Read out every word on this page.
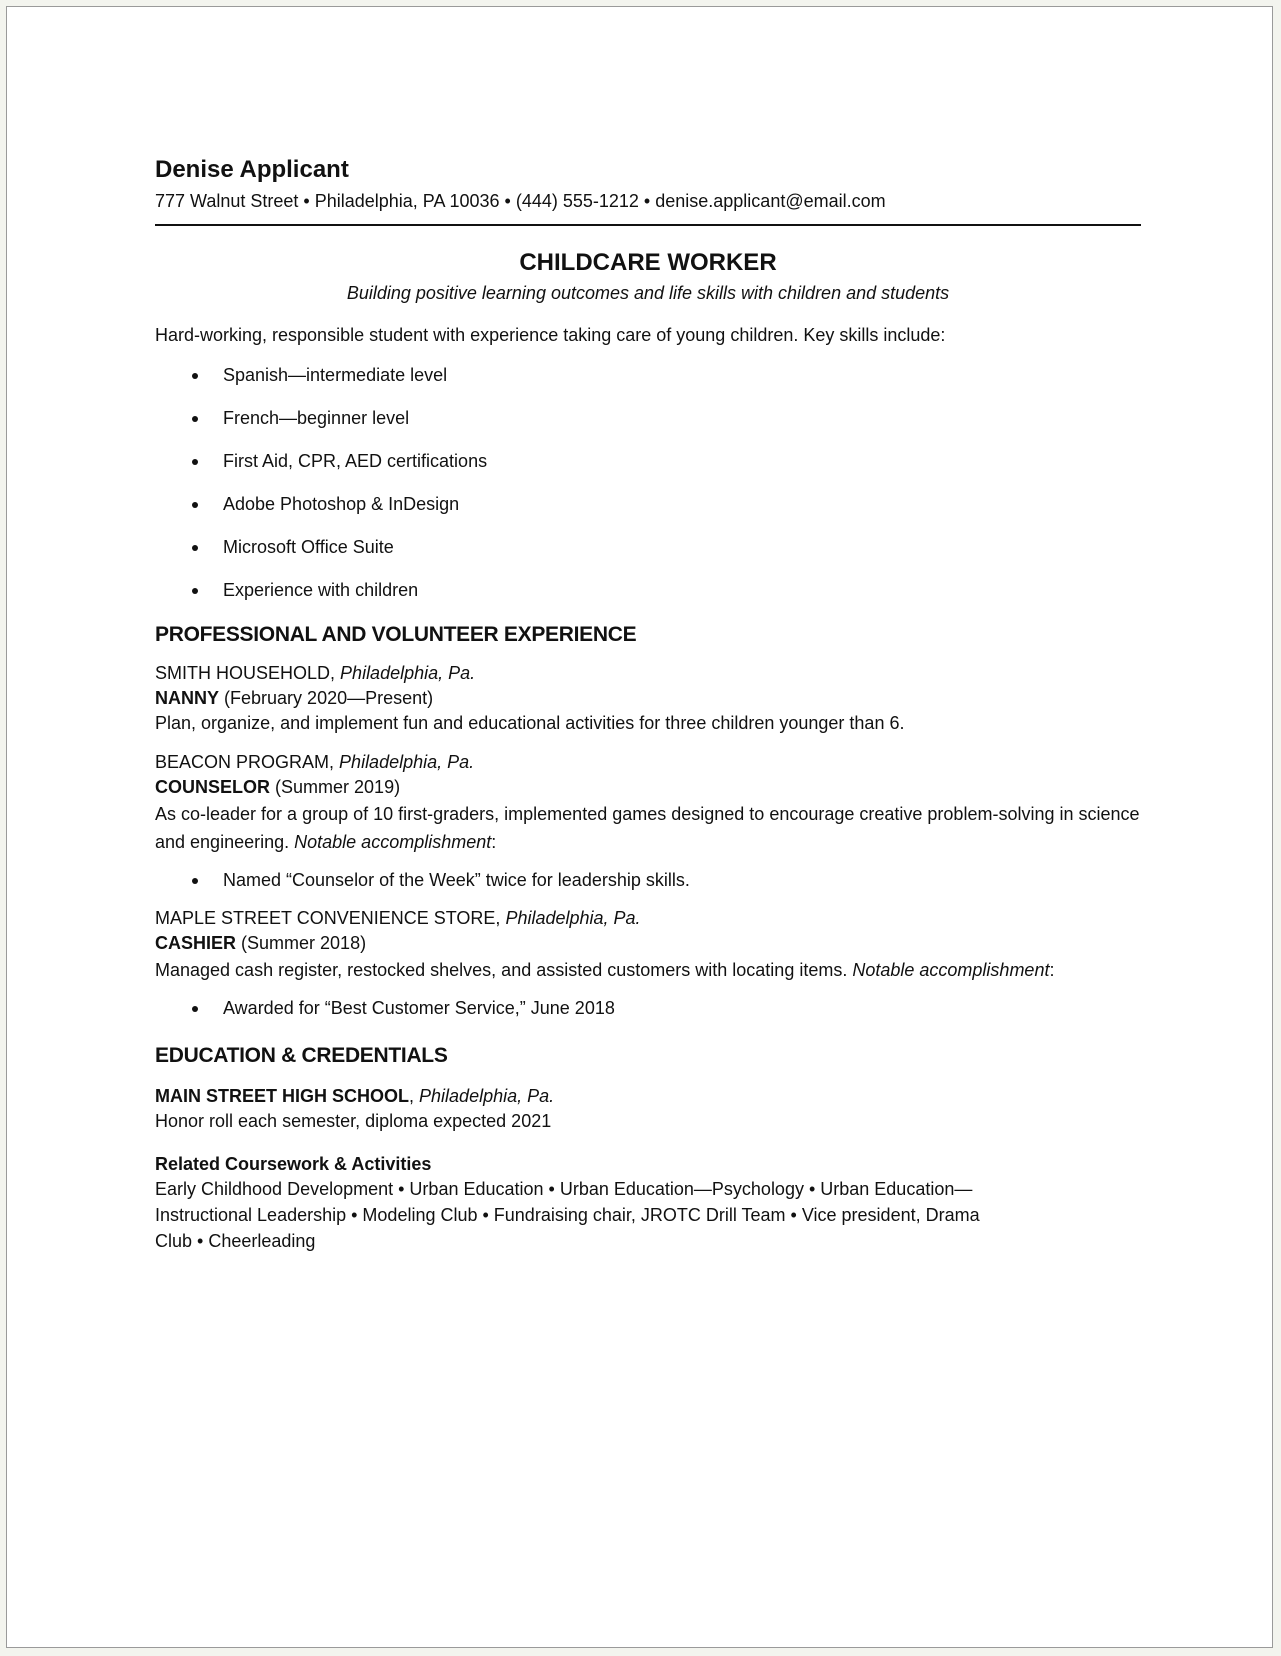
Denise Applicant
777 Walnut Street • Philadelphia, PA 10036 • (444) 555-1212 • denise.applicant@email.com
CHILDCARE WORKER
Building positive learning outcomes and life skills with children and students
Hard-working, responsible student with experience taking care of young children. Key skills include:
Spanish—intermediate level
French—beginner level
First Aid, CPR, AED certifications
Adobe Photoshop & InDesign
Microsoft Office Suite
Experience with children
PROFESSIONAL AND VOLUNTEER EXPERIENCE
SMITH HOUSEHOLD, Philadelphia, Pa.
NANNY (February 2020—Present)
Plan, organize, and implement fun and educational activities for three children younger than 6.
BEACON PROGRAM, Philadelphia, Pa.
COUNSELOR (Summer 2019)
As co-leader for a group of 10 first-graders, implemented games designed to encourage creative problem-solving in science and engineering. Notable accomplishment:
Named “Counselor of the Week” twice for leadership skills.
MAPLE STREET CONVENIENCE STORE, Philadelphia, Pa.
CASHIER (Summer 2018)
Managed cash register, restocked shelves, and assisted customers with locating items. Notable accomplishment:
Awarded for “Best Customer Service,” June 2018
EDUCATION & CREDENTIALS
MAIN STREET HIGH SCHOOL, Philadelphia, Pa.
Honor roll each semester, diploma expected 2021
Related Coursework & Activities
Early Childhood Development • Urban Education • Urban Education—Psychology • Urban Education—Instructional Leadership • Modeling Club • Fundraising chair, JROTC Drill Team • Vice president, Drama Club • Cheerleading
